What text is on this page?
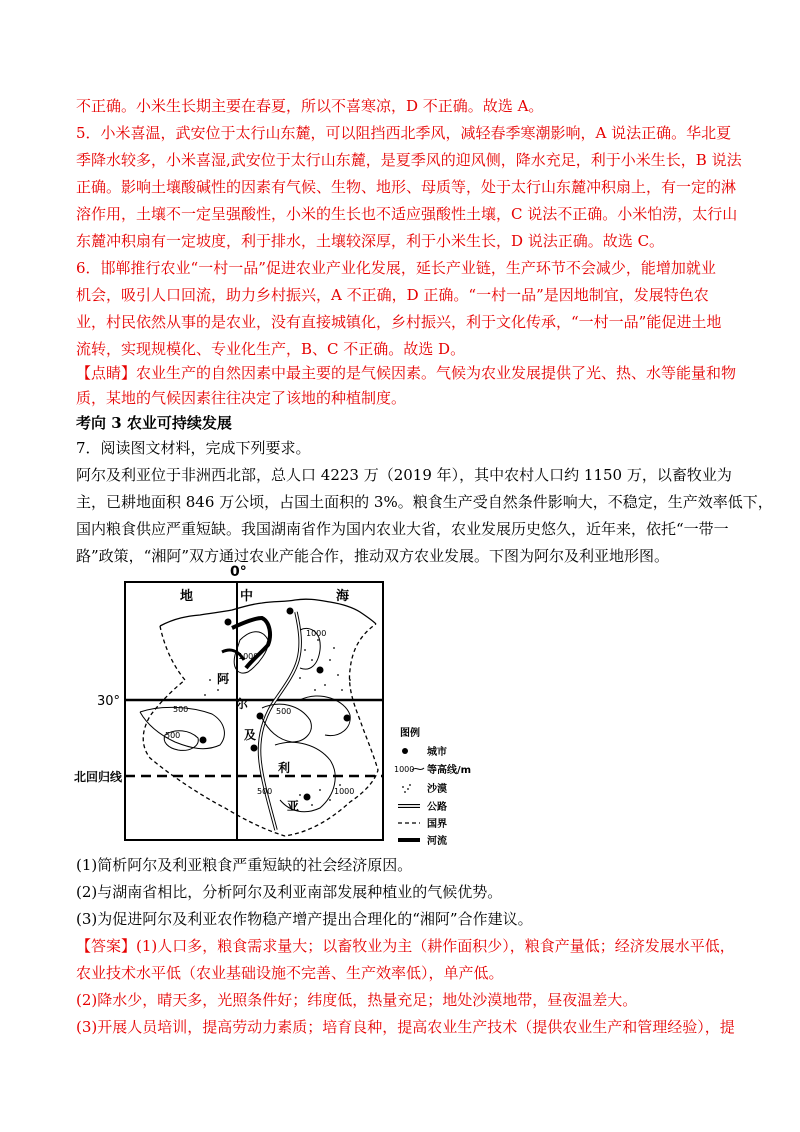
不正确。小米生长期主要在春夏，所以不喜寒凉，D 不正确。故选 A。
5．小米喜温，武安位于太行山东麓，可以阻挡西北季风，减轻春季寒潮影响，A 说法正确。华北夏
季降水较多，小米喜湿,武安位于太行山东麓，是夏季风的迎风侧，降水充足，利于小米生长，B 说法
正确。影响土壤酸碱性的因素有气候、生物、地形、母质等，处于太行山东麓冲积扇上，有一定的淋
溶作用，土壤不一定呈强酸性，小米的生长也不适应强酸性土壤，C 说法不正确。小米怕涝，太行山
东麓冲积扇有一定坡度，利于排水，土壤较深厚，利于小米生长，D 说法正确。故选 C。
6．邯郸推行农业“一村一品”促进农业产业化发展，延长产业链，生产环节不会减少，能增加就业
机会，吸引人口回流，助力乡村振兴，A 不正确，D 正确。“一村一品”是因地制宜，发展特色农
业，村民依然从事的是农业，没有直接城镇化，乡村振兴，利于文化传承，“一村一品”能促进土地
流转，实现规模化、专业化生产，B、C 不正确。故选 D。
【点睛】农业生产的自然因素中最主要的是气候因素。气候为农业发展提供了光、热、水等能量和物
质，某地的气候因素往往决定了该地的种植制度。
考向 3 农业可持续发展
7．阅读图文材料，完成下列要求。
阿尔及利亚位于非洲西北部，总人口 4223 万（2019 年），其中农村人口约 1150 万，以畜牧业为
主，已耕地面积 846 万公顷，占国土面积的 3%。粮食生产受自然条件影响大，不稳定，生产效率低下，
国内粮食供应严重短缺。我国湖南省作为国内农业大省，农业发展历史悠久，近年来，依托“一带一
路”政策，“湘阿”双方通过农业产能合作，推动双方农业发展。下图为阿尔及利亚地形图。
(1)简析阿尔及利亚粮食严重短缺的社会经济原因。
(2)与湖南省相比，分析阿尔及利亚南部发展种植业的气候优势。
(3)为促进阿尔及利亚农作物稳产增产提出合理化的“湘阿”合作建议。
【答案】(1)人口多，粮食需求量大；以畜牧业为主（耕作面积少），粮食产量低；经济发展水平低，
农业技术水平低（农业基础设施不完善、生产效率低），单产低。
(2)降水少，晴天多，光照条件好；纬度低，热量充足；地处沙漠地带，昼夜温差大。
(3)开展人员培训，提高劳动力素质；培育良种，提高农业生产技术（提供农业生产和管理经验），提
0°
30°
北回归线
地	中	海
阿
尔
及
利
亚
1000
1000
500	500
500
500	1000
图例
城市
1000 等高线/m
沙漠
公路
国界
河流
